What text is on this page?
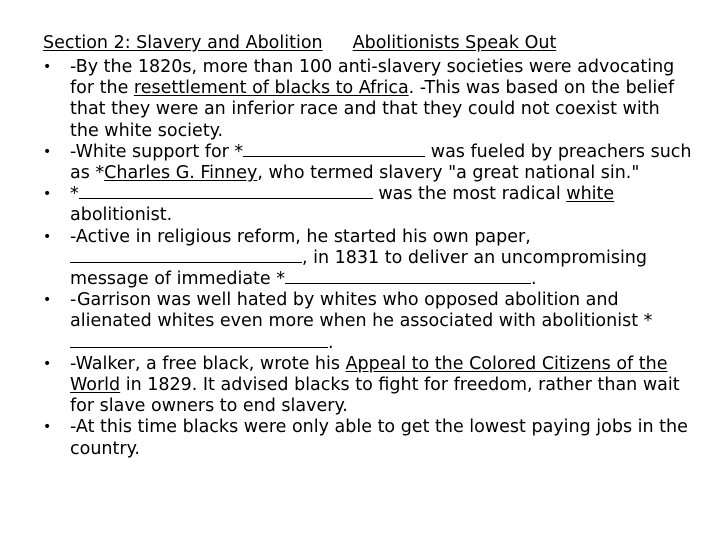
Section 2: Slavery and Abolition Abolitionists Speak Out
• -By the 1820s, more than 100 anti-slavery societies were advocating for the resettlement of blacks to Africa. -This was based on the belief that they were an inferior race and that they could not coexist with the white society.
• -White support for *	was fueled by preachers such as *Charles G. Finney, who termed slavery "a great national sin."
• *	was the most radical white abolitionist.
• -Active in religious reform, he started his own paper, , in 1831 to deliver an uncompromising message of immediate *	.
• -Garrison was well hated by whites who opposed abolition and alienated whites even more when he associated with abolitionist *.
• -Walker, a free black, wrote his Appeal to the Colored Citizens of the World in 1829. It advised blacks to fight for freedom, rather than wait for slave owners to end slavery.
• -At this time blacks were only able to get the lowest paying jobs in the country.
